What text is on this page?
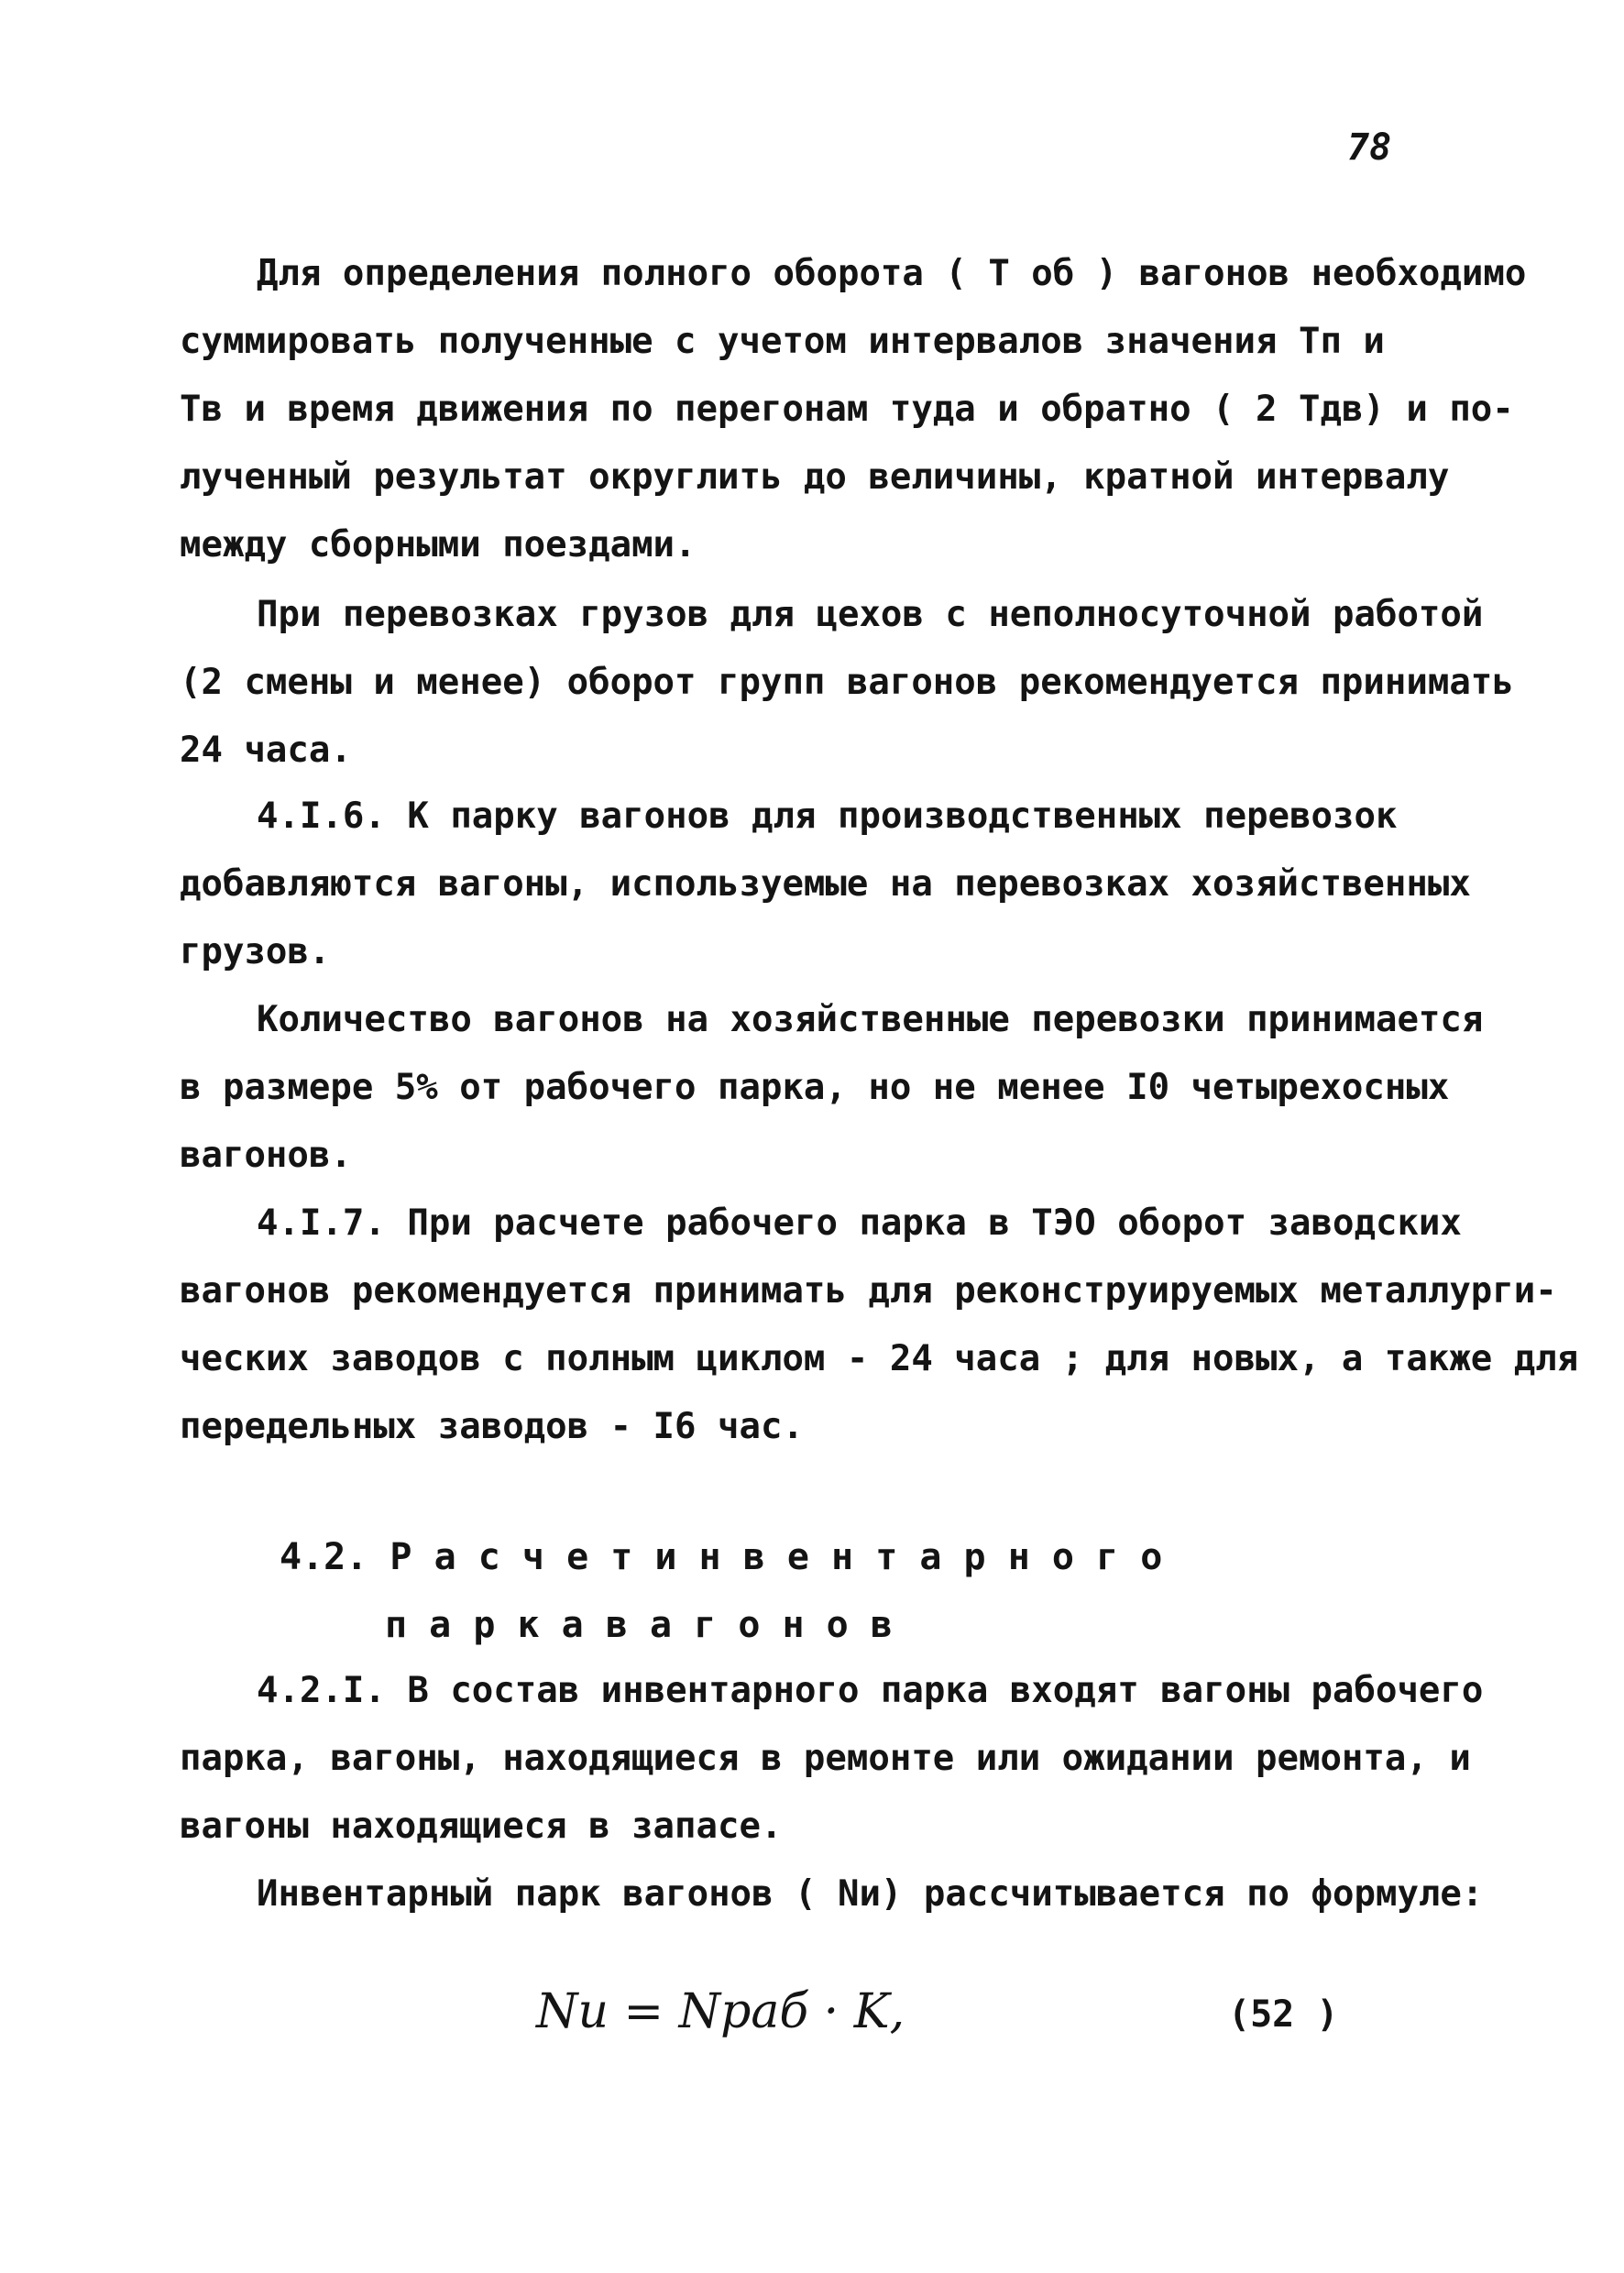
78
Для определения полного оборота ( Т об ) вагонов необходимо
суммировать полученные с учетом интервалов значения Тп и
Тв и время движения по перегонам туда и обратно ( 2 Тдв) и по-
лученный результат округлить до величины, кратной интервалу
между сборными поездами.
При перевозках грузов для цехов с неполносуточной работой
(2 смены и менее) оборот групп вагонов рекомендуется принимать
24 часа.
4.I.6. К парку вагонов для производственных перевозок
добавляются вагоны, используемые на перевозках хозяйственных
грузов.
Количество вагонов на хозяйственные перевозки принимается
в размере 5% от рабочего парка, но не менее I0 четырехосных
вагонов.
4.I.7. При расчете рабочего парка в ТЭО оборот заводских
вагонов рекомендуется принимать для реконструируемых металлурги-
ческих заводов с полным циклом - 24 часа ; для новых, а также для
передельных заводов - I6 час.
4.2. Р а с ч е т и н в е н т а р н о г о
п а р к а в а г о н о в
4.2.I. В состав инвентарного парка входят вагоны рабочего
парка, вагоны, находящиеся в ремонте или ожидании ремонта, и
вагоны находящиеся в запасе.
Инвентарный парк вагонов ( Nи) рассчитывается по формуле:
Nи = Nраб · K,	(52 )
